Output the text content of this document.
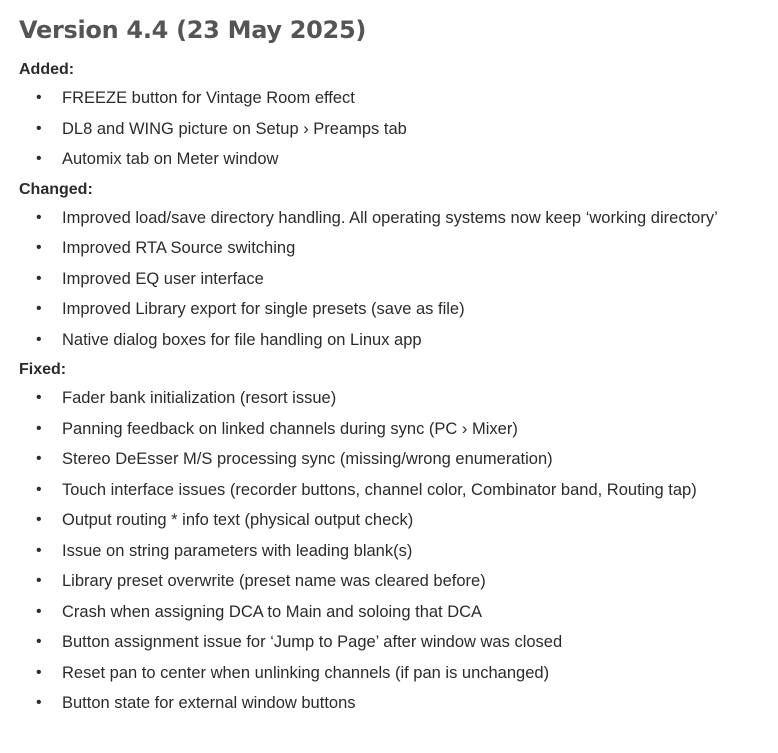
Version 4.4 (23 May 2025)
Added:
• FREEZE button for Vintage Room effect
• DL8 and WING picture on Setup › Preamps tab
• Automix tab on Meter window
Changed:
• Improved load/save directory handling. All operating systems now keep ‘working directory’
• Improved RTA Source switching
• Improved EQ user interface
• Improved Library export for single presets (save as file)
• Native dialog boxes for file handling on Linux app
Fixed:
• Fader bank initialization (resort issue)
• Panning feedback on linked channels during sync (PC › Mixer)
• Stereo DeEsser M/S processing sync (missing/wrong enumeration)
• Touch interface issues (recorder buttons, channel color, Combinator band, Routing tap)
• Output routing * info text (physical output check)
• Issue on string parameters with leading blank(s)
• Library preset overwrite (preset name was cleared before)
• Crash when assigning DCA to Main and soloing that DCA
• Button assignment issue for ‘Jump to Page’ after window was closed
• Reset pan to center when unlinking channels (if pan is unchanged)
• Button state for external window buttons
